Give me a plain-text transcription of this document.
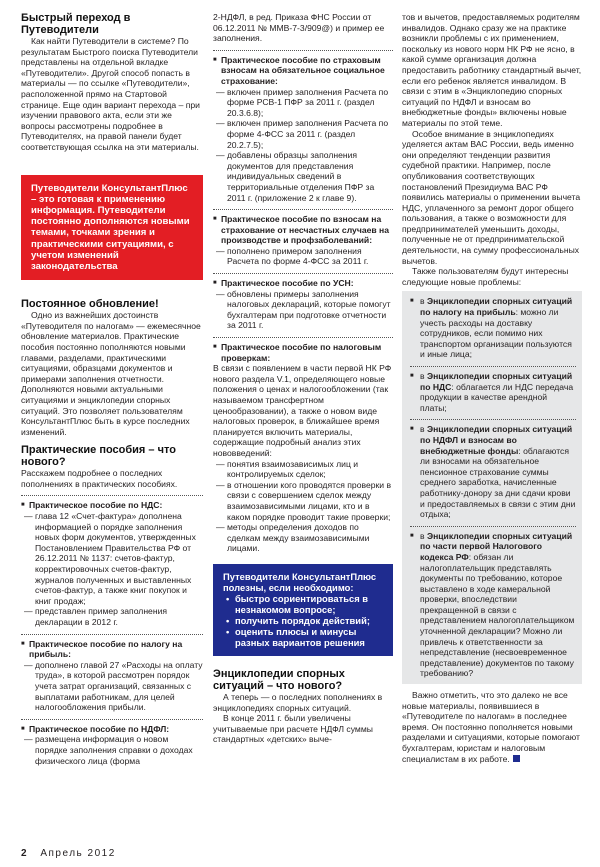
Быстрый переход в Путеводители

Как найти Путеводители в системе? По результатам Быстрого поиска Путеводители представлены на отдельной вкладке «Путеводители». Другой способ попасть в материалы — по ссылке «Путеводители», расположенной прямо на Стартовой странице. Еще один вариант перехода – при изучении правового акта, если эти же вопросы рассмотрены подробнее в Путеводителях, на правой панели будет соответствующая ссылка на эти материалы.

Путеводители КонсультантПлюс – это готовая к применению информация. Путеводители постоянно дополняются новыми темами, точками зрения и практическими ситуациями, с учетом изменений законодательства
Постоянное обновление!

Одно из важнейших достоинств «Путеводителя по налогам» — ежемесячное обновление материалов. Практические пособия постоянно пополняются новыми главами, разделами, практическими ситуациями, образцами документов и примерами заполнения отчетности. Дополняются новыми актуальными ситуациями и энциклопедии спорных ситуаций. Это позволяет пользователям КонсультантПлюс быть в курсе последних изменений.

Практические пособия – что нового?

Расскажем подробнее о последних пополнениях в практических пособиях.

■ Практическое пособие по НДС:
— глава 12 «Счет-фактура» дополнена информацией о порядке заполнения новых форм документов, утвержденных Постановлением Правительства РФ от 26.12.2011 № 1137: счетов-фактур, корректировочных счетов-фактур, журналов полученных и выставленных счетов-фактур, а также книг покупок и книг продаж;
— представлен пример заполнения декларации в 2012 г.
■ Практическое пособие по налогу на прибыль:
— дополнено главой 27 «Расходы на оплату труда», в которой рассмотрен порядок учета затрат организаций, связанных с выплатами работникам, для целей налогообложения прибыли.
■ Практическое пособие по НДФЛ:
— размещена информация о новом порядке заполнения справки о доходах физического лица (форма

2-НДФЛ, в ред. Приказа ФНС России от 06.12.2011 № ММВ-7-3/909@) и пример ее заполнения.

■ Практическое пособие по страховым взносам на обязательное социальное страхование:
— включен пример заполнения Расчета по форме РСВ-1 ПФР за 2011 г. (раздел 20.3.6.8);
— включен пример заполнения Расчета по форме 4-ФСС за 2011 г. (раздел 20.2.7.5);
— добавлены образцы заполнения документов для представления индивидуальных сведений в территориальные отделения ПФР за 2011 г. (приложение 2 к главе 9).
■ Практическое пособие по взносам на страхование от несчастных случаев на производстве и профзаболеваний:
— пополнено примером заполнения Расчета по форме 4-ФСС за 2011 г.
■ Практическое пособие по УСН:
— обновлены примеры заполнения налоговых деклараций, которые помогут бухгалтерам при подготовке отчетности за 2011 г.
■ Практическое пособие по налоговым проверкам:

В связи с появлением в части первой НК РФ нового раздела V.1, определяющего новые положения о ценах и налогообложении (так называемом трансфертном ценообразовании), а также о новом виде налоговых проверок, в ближайшее время планируется включить материалы, содержащие подробный анализ этих нововведений:

— понятия взаимозависимых лиц и контролируемых сделок;
— в отношении кого проводятся проверки в связи с совершением сделок между взаимозависимыми лицами, кто и в каком порядке проводит такие проверки;
— методы определения доходов по сделкам между взаимозависимыми лицами.
Путеводители КонсультантПлюс полезны, если необходимо:
• быстро сориентироваться в незнакомом вопросе;
• получить порядок действий;
• оценить плюсы и минусы разных вариантов решения
Энциклопедии спорных ситуаций – что нового?

А теперь — о последних пополнениях в энциклопедиях спорных ситуаций.

В конце 2011 г. были увеличены учитываемые при расчете НДФЛ суммы стандартных «детских» выче-

тов и вычетов, предоставляемых родителям инвалидов. Однако сразу же на практике возникли проблемы с их применением, поскольку из нового норм НК РФ не ясно, в какой сумме организация должна предоставить работнику стандартный вычет, если его ребенок является инвалидом. В связи с этим в «Энциклопедию спорных ситуаций по НДФЛ и взносам во внебюджетные фонды» включены новые материалы по этой теме.

Особое внимание в энциклопедиях уделяется актам ВАС России, ведь именно они определяют тенденции развития судебной практики. Например, после опубликования соответствующих постановлений Президиума ВАС РФ появились материалы о применении вычета НДС, уплаченного за ремонт дорог общего пользования, а также о возможности для предпринимателей уменьшить доходы, полученные не от предпринимательской деятельности, на сумму профессиональных вычетов.

Также пользователям будут интересны следующие новые проблемы:

■ в Энциклопедии спорных ситуаций по налогу на прибыль: можно ли учесть расходы на доставку сотрудников, если помимо них транспортом организации пользуются и иные лица;
■ в Энциклопедии спорных ситуаций по НДС: облагается ли НДС передача продукции в качестве арендной платы;
■ в Энциклопедии спорных ситуаций по НДФЛ и взносам во внебюджетные фонды: облагаются ли взносами на обязательное пенсионное страхование суммы среднего заработка, начисленные работнику-донору за дни сдачи крови и предоставляемых в связи с этим дни отдыха;
■ в Энциклопедии спорных ситуаций по части первой Налогового кодекса РФ: обязан ли налогоплательщик представлять документы по требованию, которое выставлено в ходе камеральной проверки, впоследствии прекращенной в связи с представлением налогоплательщиком уточненной декларации? Можно ли привлечь к ответственности за непредставление (несвоевременное представление) документов по такому требованию?

Важно отметить, что это далеко не все новые материалы, появившиеся в «Путеводителе по налогам» в последнее время. Он постоянно пополняется новыми разделами и ситуациями, которые помогают бухгалтерам, юристам и налоговым специалистам в их работе.

2 Апрель 2012
